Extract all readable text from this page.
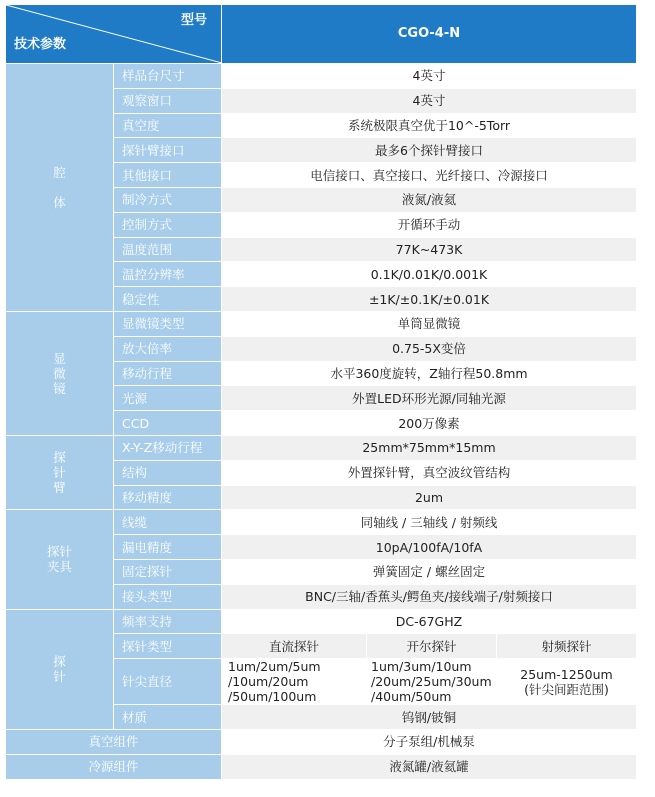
型号
技术参数		CGO-4-N		
腔

体	样品台尺寸	4英寸		
	观察窗口	4英寸		
	真空度	系统极限真空优于10^-5Torr		
	探针臂接口	最多6个探针臂接口		
	其他接口	电信接口、真空接口、光纤接口、冷源接口		
	制冷方式	液氮/液氦		
	控制方式	开循环手动		
	温度范围	77K~473K		
	温控分辨率	0.1K/0.01K/0.001K		
	稳定性	±1K/±0.1K/±0.01K		
显
微
镜	显微镜类型	单筒显微镜		
	放大倍率	0.75-5X变倍		
	移动行程	水平360度旋转，Z轴行程50.8mm		
	光源	外置LED环形光源/同轴光源		
	CCD	200万像素		
探
针
臂	X-Y-Z移动行程	25mm*75mm*15mm		
	结构	外置探针臂，真空波纹管结构		
	移动精度	2um		
探针
夹具	线缆	同轴线 / 三轴线 / 射频线		
	漏电精度	10pA/100fA/10fA		
	固定探针	弹簧固定 / 螺丝固定		
	接头类型	BNC/三轴/香蕉头/鳄鱼夹/接线端子/射频接口		
探
针	频率支持	DC-67GHZ		
	探针类型	直流探针	开尔探针	射频探针
	针尖直径	1um/2um/5um
/10um/20um
/50um/100um	1um/3um/10um
/20um/25um/30um
/40um/50um	25um-1250um
(针尖间距范围)
	材质	钨钢/铍铜		
真空组件		分子泵组/机械泵		
冷源组件		液氮罐/液氦罐		
